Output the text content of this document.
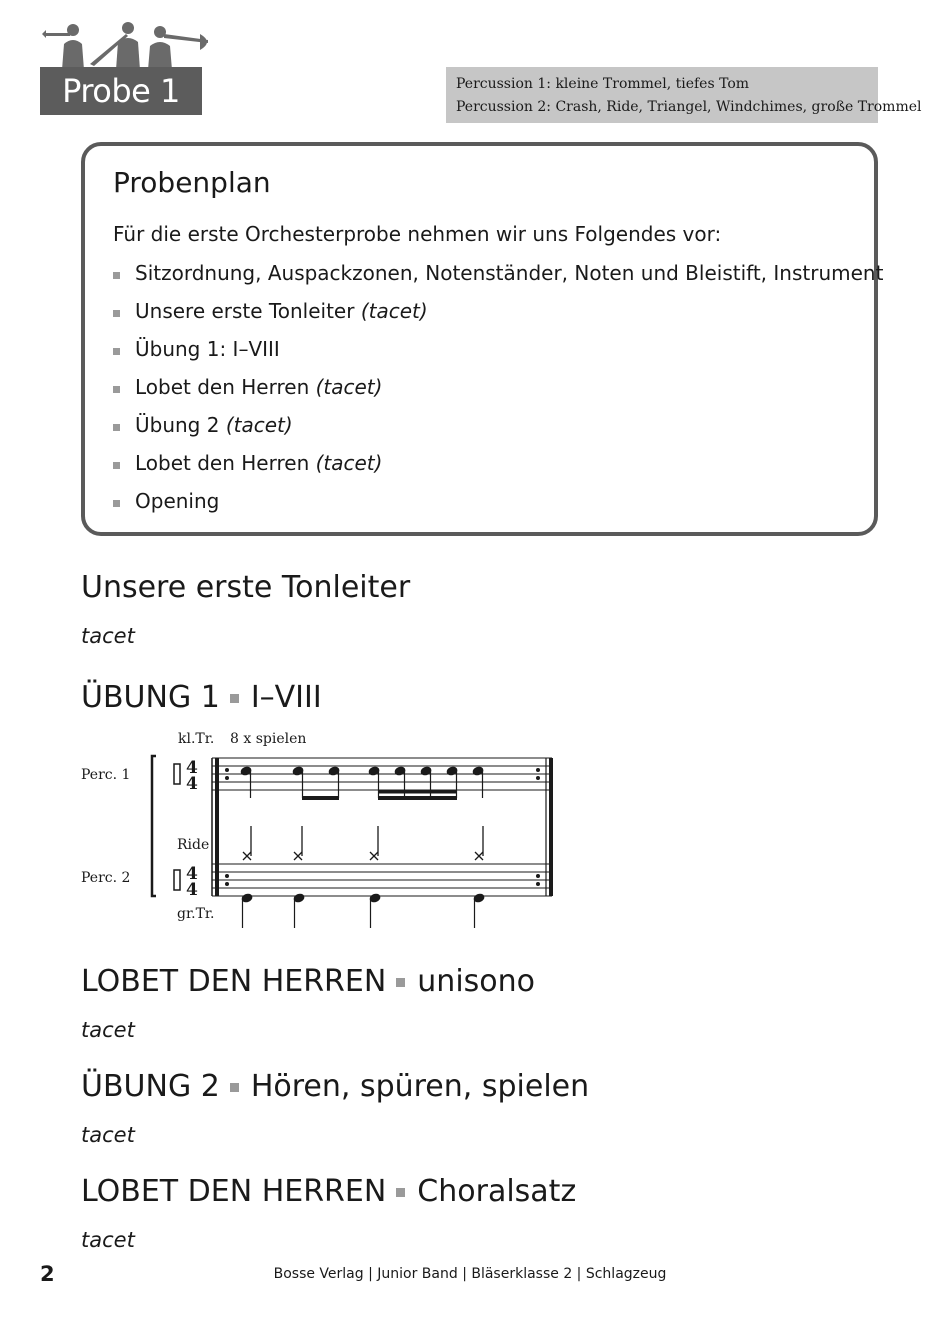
Probe 1	Percussion 1: kleine Trommel, tiefes Tom
Percussion 2: Crash, Ride, Triangel, Windchimes, große Trommel
Probenplan
Für die erste Orchesterprobe nehmen wir uns Folgendes vor:
Sitzordnung, Auspackzonen, Notenständer, Noten und Bleistift, Instrument
Unsere erste Tonleiter (tacet)
Übung 1: I–VIII
Lobet den Herren (tacet)
Übung 2 (tacet)
Lobet den Herren (tacet)
Opening
Unsere erste Tonleiter
tacet
ÜBUNG 1 I–VIII
4
4
4
4
kl.Tr. 8 x spielen
Perc. 1
Ride
Perc. 2
gr.Tr.
LOBET DEN HERREN unisono
tacet
ÜBUNG 2 Hören, spüren, spielen
tacet
LOBET DEN HERREN Choralsatz
tacet
2	Bosse Verlag | Junior Band | Bläserklasse 2 | Schlagzeug
